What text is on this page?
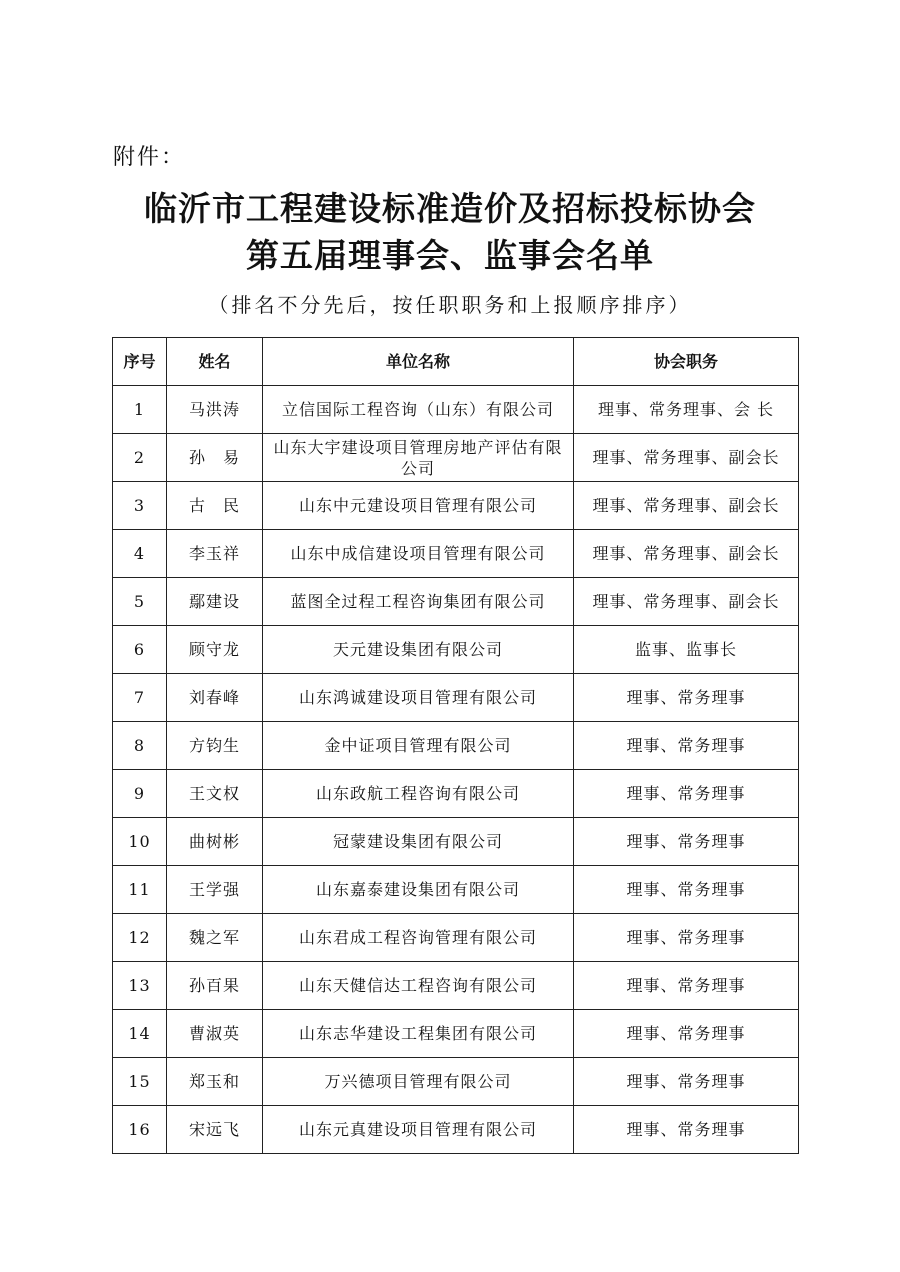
附件：
临沂市工程建设标准造价及招标投标协会
第五届理事会、监事会名单
（排名不分先后，按任职职务和上报顺序排序）
序号	姓名	单位名称	协会职务
1	马洪涛	立信国际工程咨询（山东）有限公司	理事、常务理事、会 长
2	孙　易	山东大宇建设项目管理房地产评估有限公司	理事、常务理事、副会长
3	古　民	山东中元建设项目管理有限公司	理事、常务理事、副会长
4	李玉祥	山东中成信建设项目管理有限公司	理事、常务理事、副会长
5	鄢建设	蓝图全过程工程咨询集团有限公司	理事、常务理事、副会长
6	顾守龙	天元建设集团有限公司	监事、监事长
7	刘春峰	山东鸿诚建设项目管理有限公司	理事、常务理事
8	方钧生	金中证项目管理有限公司	理事、常务理事
9	王文权	山东政航工程咨询有限公司	理事、常务理事
10	曲树彬	冠蒙建设集团有限公司	理事、常务理事
11	王学强	山东嘉泰建设集团有限公司	理事、常务理事
12	魏之军	山东君成工程咨询管理有限公司	理事、常务理事
13	孙百果	山东天健信达工程咨询有限公司	理事、常务理事
14	曹淑英	山东志华建设工程集团有限公司	理事、常务理事
15	郑玉和	万兴德项目管理有限公司	理事、常务理事
16	宋远飞	山东元真建设项目管理有限公司	理事、常务理事
